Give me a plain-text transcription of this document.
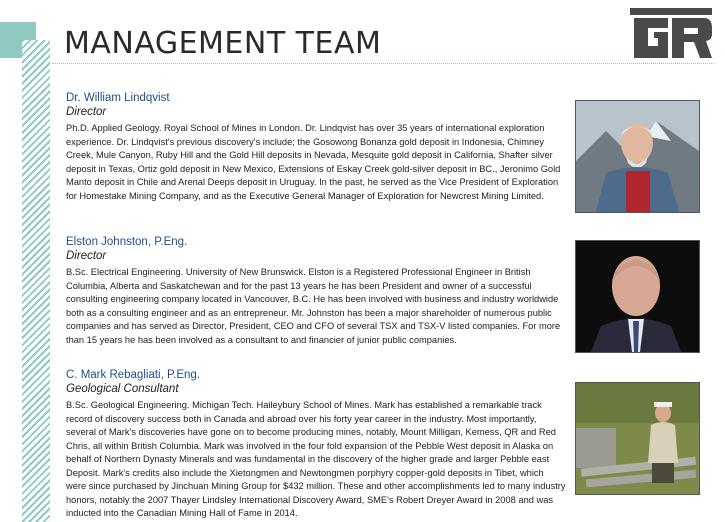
MANAGEMENT TEAM

Dr. William Lindqvist

Director

Ph.D. Applied Geology. Royal School of Mines in London. Dr. Lindqvist has over 35 years of international exploration experience. Dr. Lindqvist's previous discovery's include; the Gosowong Bonanza gold deposit in Indonesia, Chimney Creek, Mule Canyon, Ruby Hill and the Gold Hill deposits in Nevada, Mesquite gold deposit in California, Shafter silver deposit in Texas, Ortiz gold deposit in New Mexico, Extensions of Eskay Creek gold-silver deposit in BC., Jeronimo Gold Manto deposit in Chile and Arenal Deeps deposit in Uruguay. In the past, he served as the Vice President of Exploration for Homestake Mining Company, and as the Executive General Manager of Exploration for Newcrest Mining Limited.

Elston Johnston, P.Eng.

Director

B.Sc. Electrical Engineering. University of New Brunswick. Elston is a Registered Professional Engineer in British Columbia, Alberta and Saskatchewan and for the past 13 years he has been President and owner of a successful consulting engineering company located in Vancouver, B.C. He has been involved with business and industry worldwide both as a consulting engineer and as an entrepreneur. Mr. Johnston has been a major shareholder of numerous public companies and has served as Director, President, CEO and CFO of several TSX and TSX-V listed companies. For more than 15 years he has been involved as a consultant to and financier of junior public companies.

C. Mark Rebagliati, P.Eng.

Geological Consultant

B.Sc. Geological Engineering. Michigan Tech. Haileybury School of Mines. Mark has established a remarkable track record of discovery success both in Canada and abroad over his forty year career in the industry. Most importantly, several of Mark's discoveries have gone on to become producing mines, notably, Mount Milligan, Kemess, QR and Red Chris, all within British Columbia. Mark was involved in the four fold expansion of the Pebble West deposit in Alaska on behalf of Northern Dynasty Minerals and was fundamental in the discovery of the higher grade and larger Pebble east Deposit. Mark's credits also include the Xietongmen and Newtongmen porphyry copper-gold deposits in Tibet, which were since purchased by Jinchuan Mining Group for $432 million. These and other accomplishments led to many industry honors, notably the 2007 Thayer Lindsley International Discovery Award, SME's Robert Dreyer Award in 2008 and was inducted into the Canadian Mining Hall of Fame in 2014.
